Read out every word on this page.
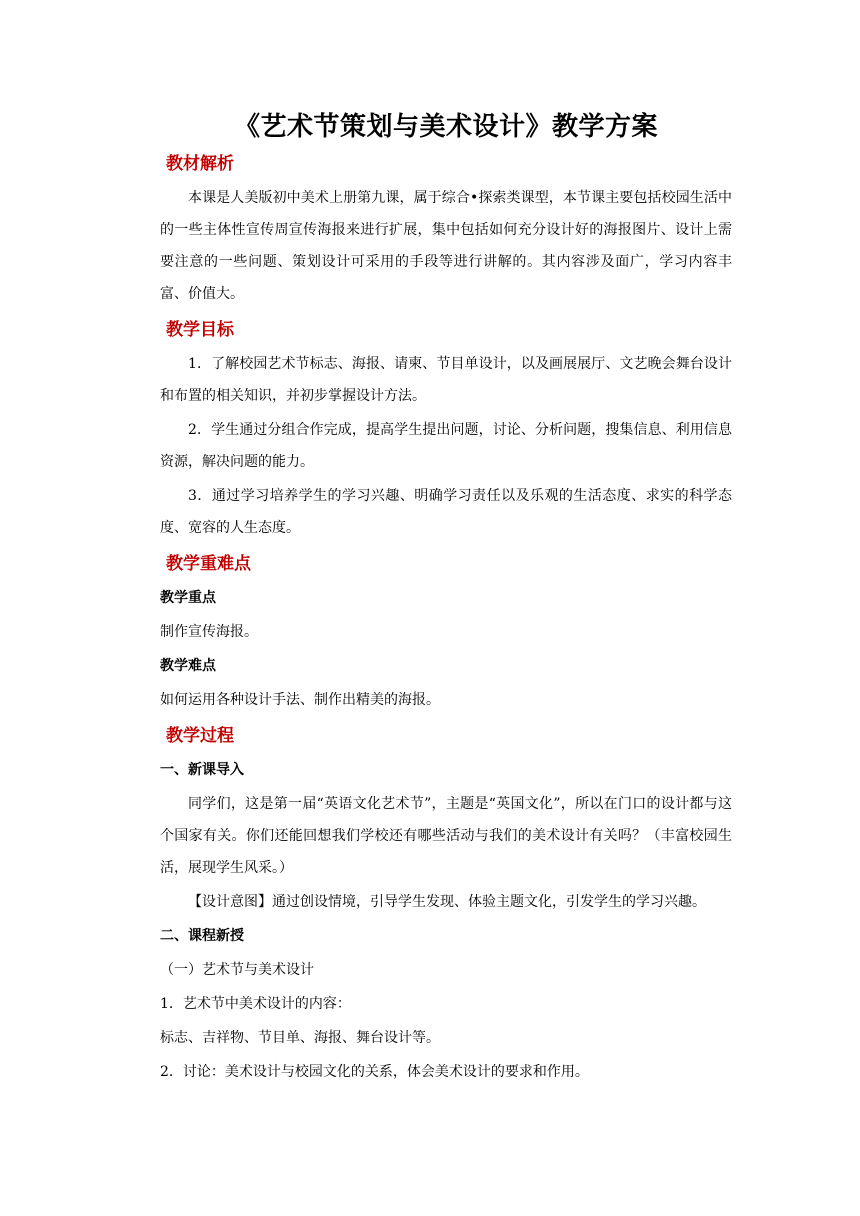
《艺术节策划与美术设计》教学方案
教材解析
本课是人美版初中美术上册第九课，属于综合•探索类课型，本节课主要包括校园生活中的一些主体性宣传周宣传海报来进行扩展，集中包括如何充分设计好的海报图片、设计上需要注意的一些问题、策划设计可采用的手段等进行讲解的。其内容涉及面广，学习内容丰富、价值大。
教学目标
1．了解校园艺术节标志、海报、请柬、节目单设计，以及画展展厅、文艺晚会舞台设计和布置的相关知识，并初步掌握设计方法。
2．学生通过分组合作完成，提高学生提出问题，讨论、分析问题，搜集信息、利用信息资源，解决问题的能力。
3．通过学习培养学生的学习兴趣、明确学习责任以及乐观的生活态度、求实的科学态度、宽容的人生态度。
教学重难点
教学重点
制作宣传海报。
教学难点
如何运用各种设计手法、制作出精美的海报。
教学过程
一、新课导入
同学们，这是第一届“英语文化艺术节”，主题是“英国文化”，所以在门口的设计都与这个国家有关。你们还能回想我们学校还有哪些活动与我们的美术设计有关吗？（丰富校园生活，展现学生风采。）
【设计意图】通过创设情境，引导学生发现、体验主题文化，引发学生的学习兴趣。
二、课程新授
（一）艺术节与美术设计
1．艺术节中美术设计的内容：
标志、吉祥物、节目单、海报、舞台设计等。
2．讨论：美术设计与校园文化的关系，体会美术设计的要求和作用。
